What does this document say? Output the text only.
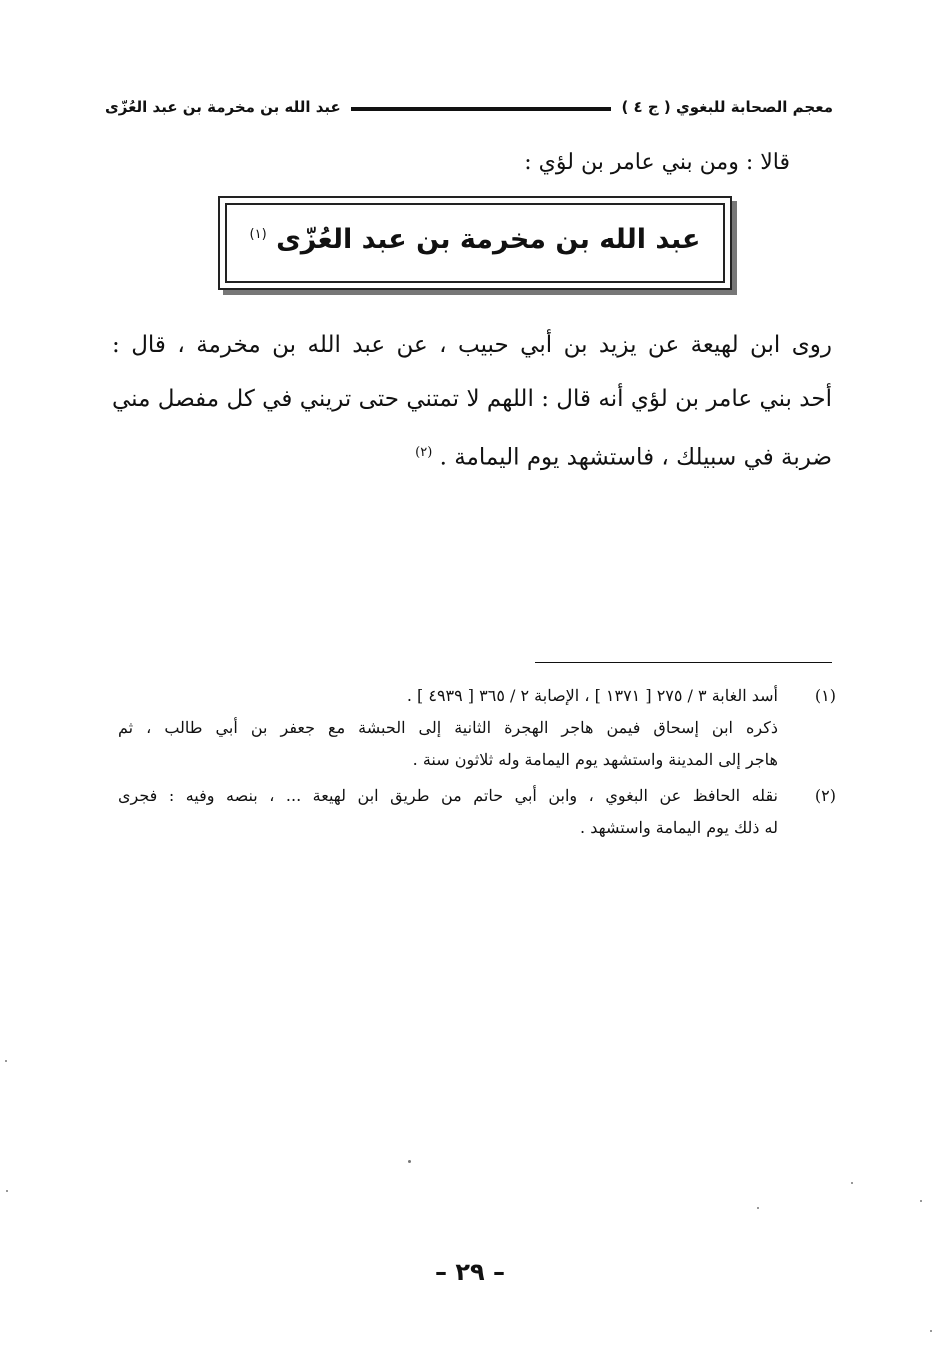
معجم الصحابة للبغوي ( ج ٤ )
عبد الله بن مخرمة بن عبد العُزّى
قالا : ومن بني عامر بن لؤي :
عبد الله بن مخرمة بن عبد العُزّى $^{(١)}$
روى ابن لهيعة عن يزيد بن أبي حبيب ، عن عبد الله بن مخرمة ، قال :
أحد بني عامر بن لؤي أنه قال : اللهم لا تمتني حتى تريني في كل مفصل مني
ضربة في سبيلك ، فاستشهد يوم اليمامة . $^{(٢)}$
(١)
أسد الغابة ٣ / ٢٧٥ [ ١٣٧١ ] ، الإصابة ٢ / ٣٦٥ [ ٤٩٣٩ ] .
ذكره ابن إسحاق فيمن هاجر الهجرة الثانية إلى الحبشة مع جعفر بن أبي طالب ، ثم
هاجر إلى المدينة واستشهد يوم اليمامة وله ثلاثون سنة .
(٢)
نقله الحافظ عن البغوي ، وابن أبي حاتم من طريق ابن لهيعة ... ، بنصه وفيه : فجرى
له ذلك يوم اليمامة واستشهد .
– ٢٩ –
